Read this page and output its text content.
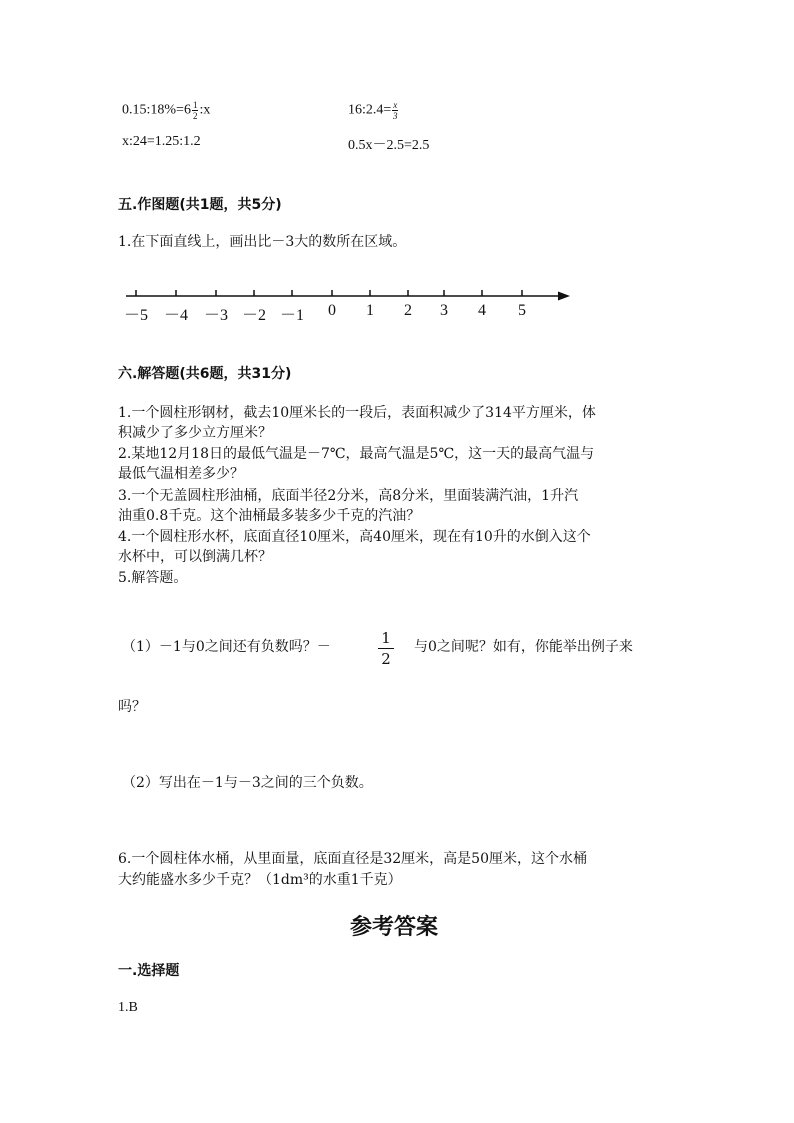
0.15:18%=6 $\frac{1}{2}$ :x	16:2.4= $\frac{x}{3}$
x:24=1.25:1.2	0.5x－2.5=2.5
五.作图题(共1题，共5分)
1.在下面直线上，画出比－3大的数所在区域。
－5 －4 －3 －2 －1 0 1 2 3 4 5
六.解答题(共6题，共31分)
1.一个圆柱形钢材，截去10厘米长的一段后，表面积减少了314平方厘米，体
积减少了多少立方厘米？
2.某地12月18日的最低气温是－7℃，最高气温是5℃，这一天的最高气温与
最低气温相差多少？
3.一个无盖圆柱形油桶，底面半径2分米，高8分米，里面装满汽油，1升汽
油重0.8千克。这个油桶最多装多少千克的汽油？
4.一个圆柱形水杯，底面直径10厘米，高40厘米，现在有10升的水倒入这个
水杯中，可以倒满几杯？
5.解答题。
（1）－1与0之间还有负数吗？－	$\frac{1}{2}$ 与0之间呢？如有，你能举出例子来
吗？
（2）写出在－1与－3之间的三个负数。
6.一个圆柱体水桶，从里面量，底面直径是32厘米，高是50厘米，这个水桶
大约能盛水多少千克？（1dm³的水重1千克）
参考答案
一.选择题
1.B
